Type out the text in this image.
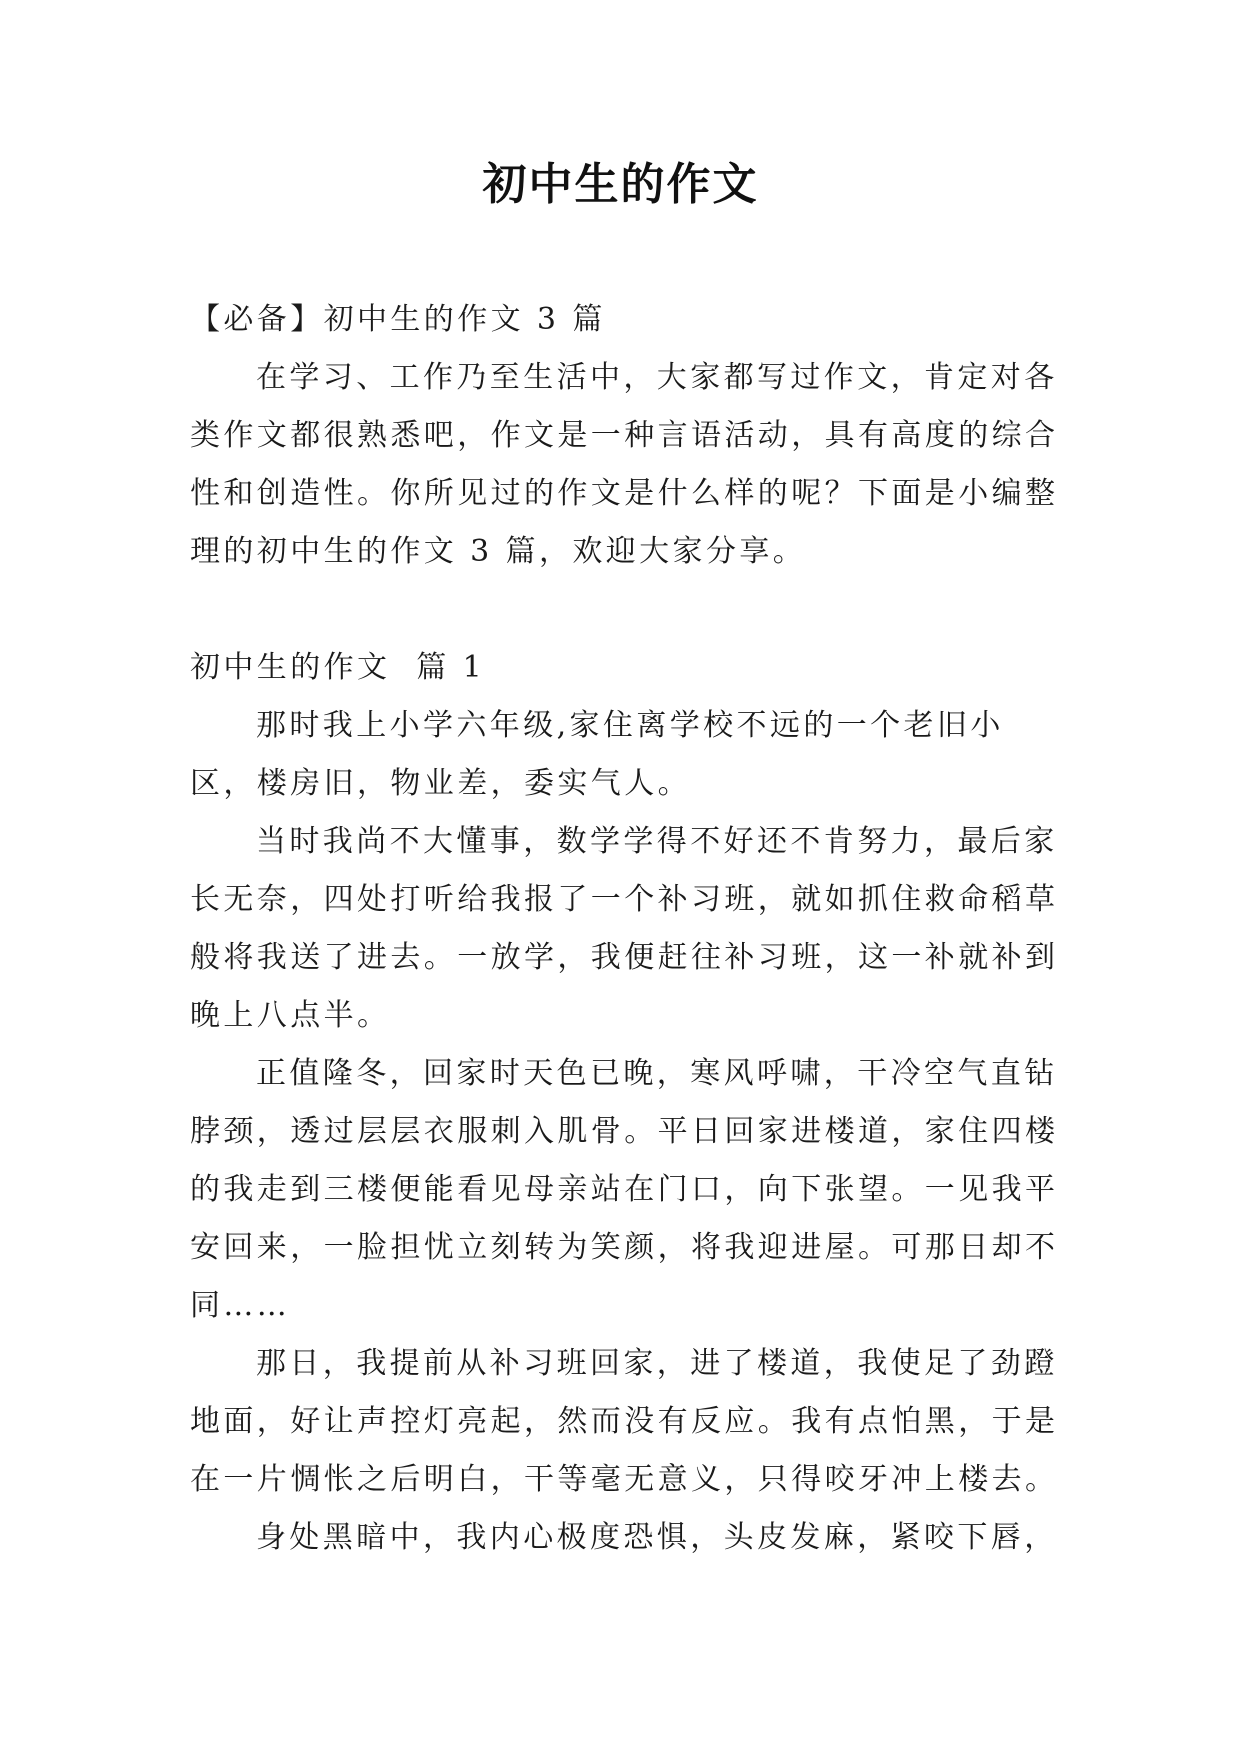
初中生的作文

【必备】初中生的作文 3 篇

在学习、工作乃至生活中，大家都写过作文，肯定对各类作文都很熟悉吧，作文是一种言语活动，具有高度的综合性和创造性。你所见过的作文是什么样的呢？下面是小编整理的初中生的作文 3 篇，欢迎大家分享。

初中生的作文  篇 1

那时我上小学六年级,家住离学校不远的一个老旧小区，楼房旧，物业差，委实气人。

当时我尚不大懂事，数学学得不好还不肯努力，最后家长无奈，四处打听给我报了一个补习班，就如抓住救命稻草般将我送了进去。一放学，我便赶往补习班，这一补就补到晚上八点半。

正值隆冬，回家时天色已晚，寒风呼啸，干冷空气直钻脖颈，透过层层衣服刺入肌骨。平日回家进楼道，家住四楼的我走到三楼便能看见母亲站在门口，向下张望。一见我平安回来，一脸担忧立刻转为笑颜，将我迎进屋。可那日却不同……

那日，我提前从补习班回家，进了楼道，我使足了劲蹬地面，好让声控灯亮起，然而没有反应。我有点怕黑，于是在一片惆怅之后明白，干等毫无意义，只得咬牙冲上楼去。

身处黑暗中，我内心极度恐惧，头皮发麻，紧咬下唇，
